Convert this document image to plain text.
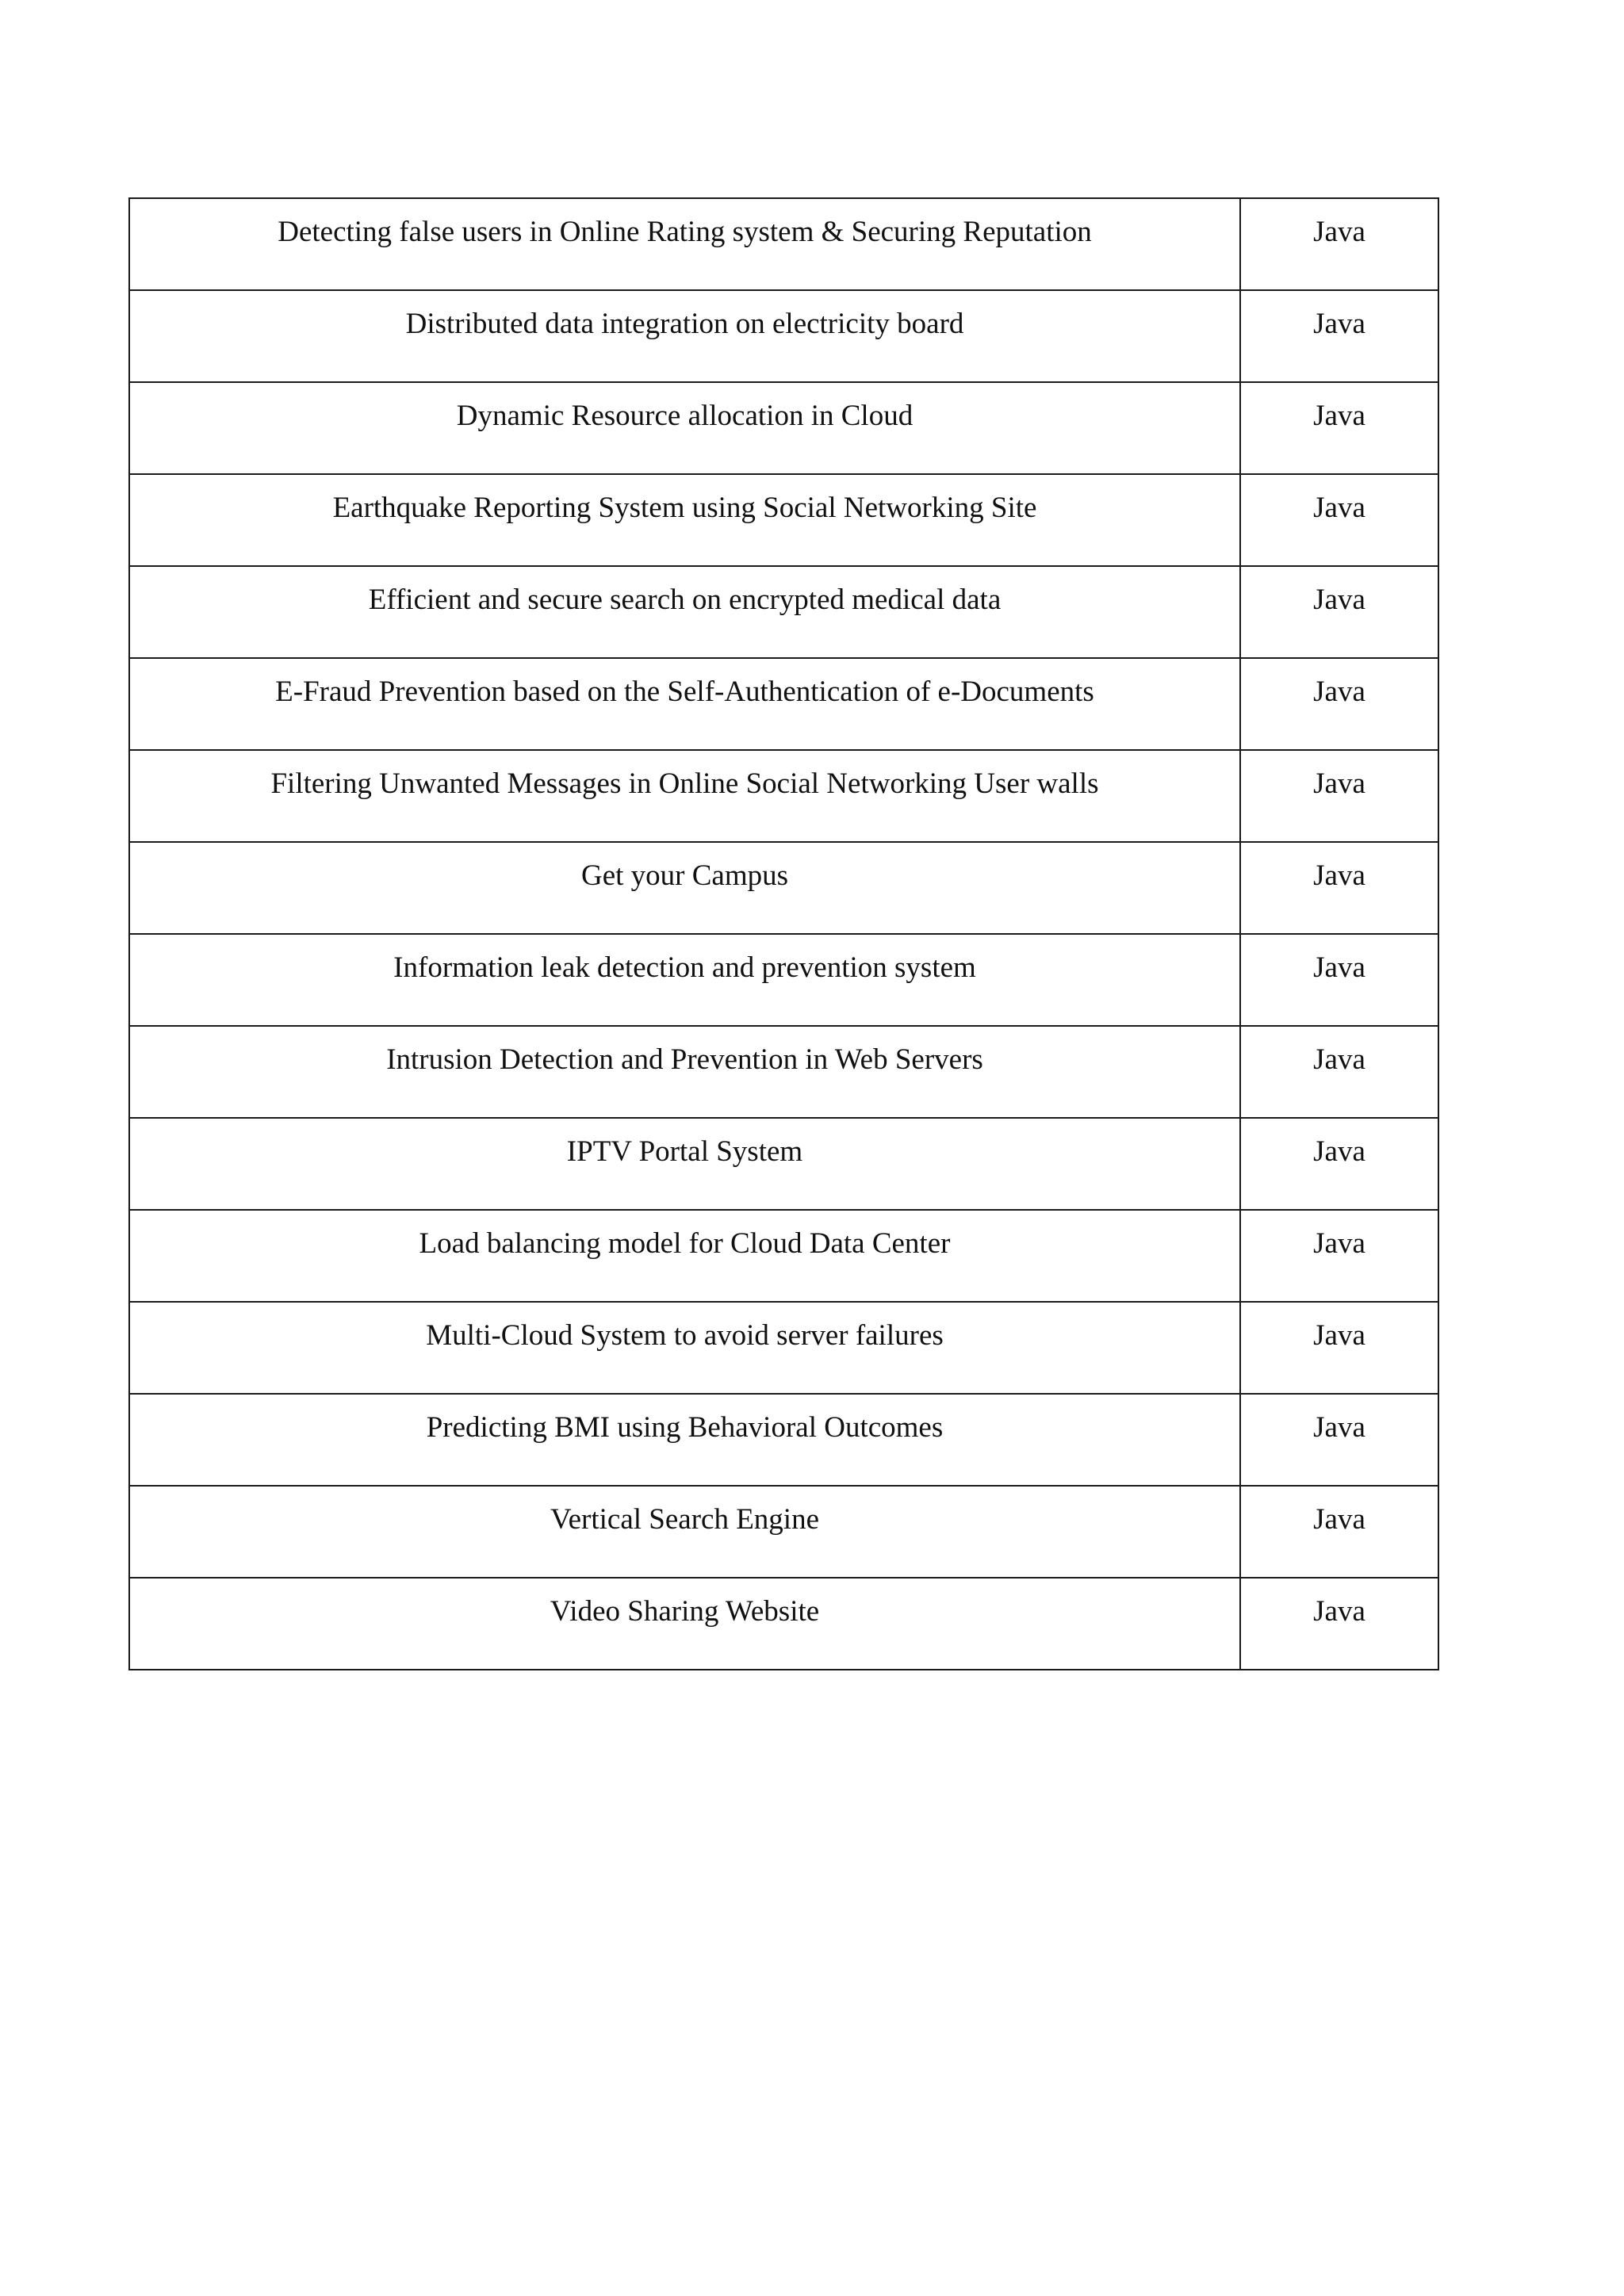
Detecting false users in Online Rating system & Securing Reputation	Java
Distributed data integration on electricity board	Java
Dynamic Resource allocation in Cloud	Java
Earthquake Reporting System using Social Networking Site	Java
Efficient and secure search on encrypted medical data	Java
E-Fraud Prevention based on the Self-Authentication of e-Documents	Java
Filtering Unwanted Messages in Online Social Networking User walls	Java
Get your Campus	Java
Information leak detection and prevention system	Java
Intrusion Detection and Prevention in Web Servers	Java
IPTV Portal System	Java
Load balancing model for Cloud Data Center	Java
Multi-Cloud System to avoid server failures	Java
Predicting BMI using Behavioral Outcomes	Java
Vertical Search Engine	Java
Video Sharing Website	Java
